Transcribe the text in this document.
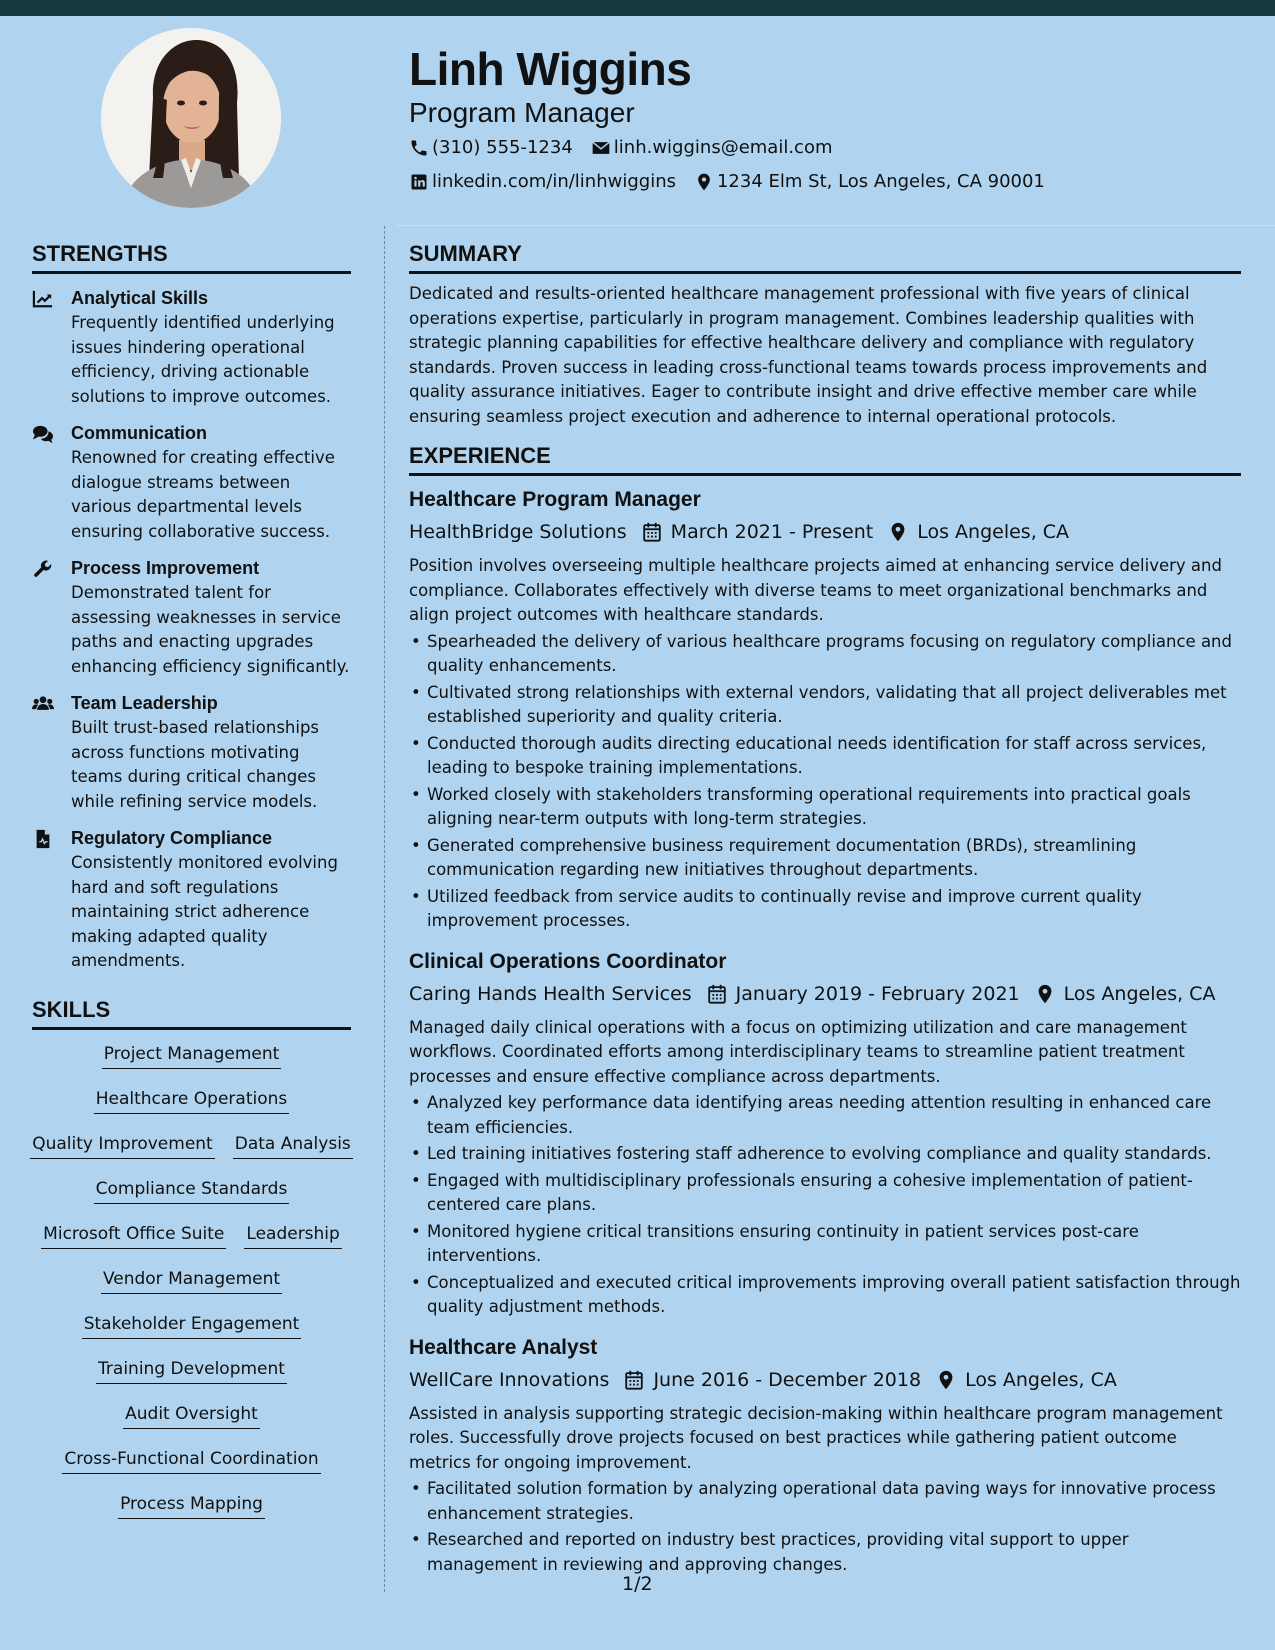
Linh Wiggins
Program Manager
(310) 555-1234 linh.wiggins@email.com
linkedin.com/in/linhwiggins 1234 Elm St, Los Angeles, CA 90001
STRENGTHS
Analytical Skills
Frequently identified underlying issues hindering operational efficiency, driving actionable solutions to improve outcomes.
Communication
Renowned for creating effective dialogue streams between various departmental levels ensuring collaborative success.
Process Improvement
Demonstrated talent for assessing weaknesses in service paths and enacting upgrades enhancing efficiency significantly.
Team Leadership
Built trust-based relationships across functions motivating teams during critical changes while refining service models.
Regulatory Compliance
Consistently monitored evolving hard and soft regulations maintaining strict adherence making adapted quality amendments.
SKILLS
Project Management
Healthcare Operations
Quality Improvement Data Analysis
Compliance Standards
Microsoft Office Suite Leadership
Vendor Management
Stakeholder Engagement
Training Development
Audit Oversight
Cross-Functional Coordination
Process Mapping
SUMMARY
Dedicated and results-oriented healthcare management professional with five years of clinical operations expertise, particularly in program management. Combines leadership qualities with strategic planning capabilities for effective healthcare delivery and compliance with regulatory standards. Proven success in leading cross-functional teams towards process improvements and quality assurance initiatives. Eager to contribute insight and drive effective member care while ensuring seamless project execution and adherence to internal operational protocols.
EXPERIENCE
Healthcare Program Manager
HealthBridge Solutions March 2021 - Present Los Angeles, CA
Position involves overseeing multiple healthcare projects aimed at enhancing service delivery and compliance. Collaborates effectively with diverse teams to meet organizational benchmarks and align project outcomes with healthcare standards.
• Spearheaded the delivery of various healthcare programs focusing on regulatory compliance and quality enhancements.
• Cultivated strong relationships with external vendors, validating that all project deliverables met established superiority and quality criteria.
• Conducted thorough audits directing educational needs identification for staff across services, leading to bespoke training implementations.
• Worked closely with stakeholders transforming operational requirements into practical goals aligning near-term outputs with long-term strategies.
• Generated comprehensive business requirement documentation (BRDs), streamlining communication regarding new initiatives throughout departments.
• Utilized feedback from service audits to continually revise and improve current quality improvement processes.
Clinical Operations Coordinator
Caring Hands Health Services January 2019 - February 2021 Los Angeles, CA
Managed daily clinical operations with a focus on optimizing utilization and care management workflows. Coordinated efforts among interdisciplinary teams to streamline patient treatment processes and ensure effective compliance across departments.
• Analyzed key performance data identifying areas needing attention resulting in enhanced care team efficiencies.
• Led training initiatives fostering staff adherence to evolving compliance and quality standards.
• Engaged with multidisciplinary professionals ensuring a cohesive implementation of patient-centered care plans.
• Monitored hygiene critical transitions ensuring continuity in patient services post-care interventions.
• Conceptualized and executed critical improvements improving overall patient satisfaction through quality adjustment methods.
Healthcare Analyst
WellCare Innovations June 2016 - December 2018 Los Angeles, CA
Assisted in analysis supporting strategic decision-making within healthcare program management roles. Successfully drove projects focused on best practices while gathering patient outcome metrics for ongoing improvement.
• Facilitated solution formation by analyzing operational data paving ways for innovative process enhancement strategies.
• Researched and reported on industry best practices, providing vital support to upper management in reviewing and approving changes.
1/2
